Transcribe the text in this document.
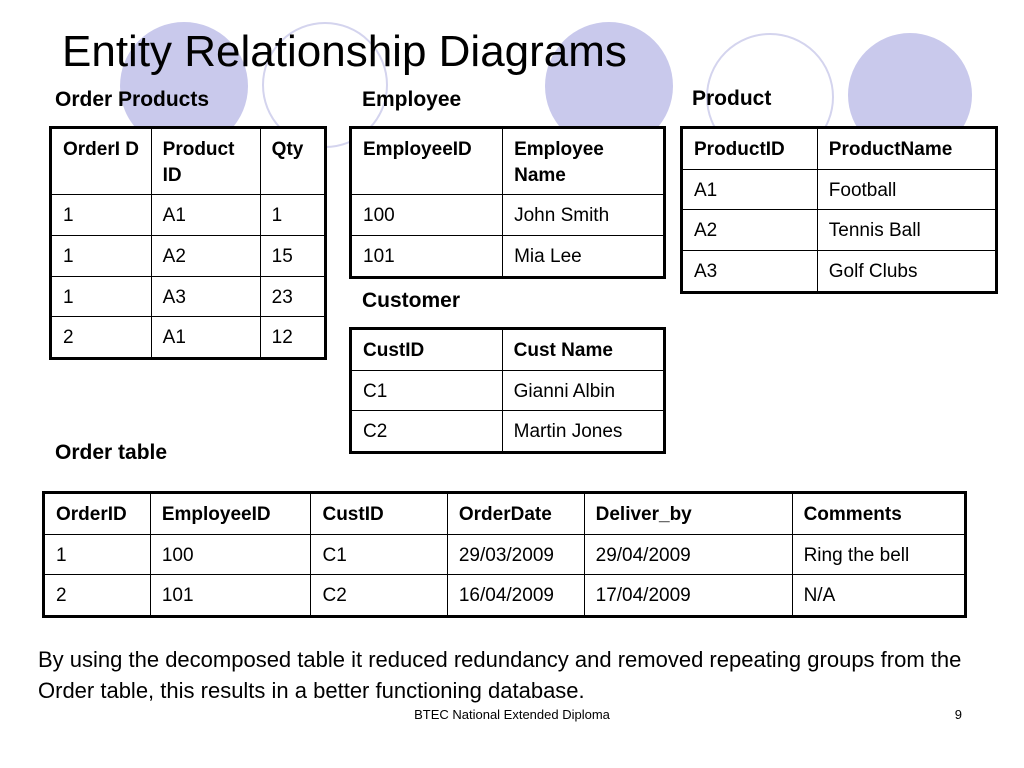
Entity Relationship Diagrams
Order Products	Employee	Product
Customer
Order table
OrderI D	Product ID	Qty
1	A1	1
1	A2	15
1	A3	23
2	A1	12
EmployeeID	Employee Name
100	John Smith
101	Mia Lee
ProductID	ProductName
A1	Football
A2	Tennis Ball
A3	Golf Clubs
CustID	Cust Name
C1	Gianni Albin
C2	Martin Jones
OrderID	EmployeeID	CustID	OrderDate	Deliver_by	Comments
1	100	C1	29/03/2009	29/04/2009	Ring the bell
2	101	C2	16/04/2009	17/04/2009	N/A

By using the decomposed table it reduced redundancy and removed repeating groups from the Order table, this results in a better functioning database.

BTEC National Extended Diploma	9
